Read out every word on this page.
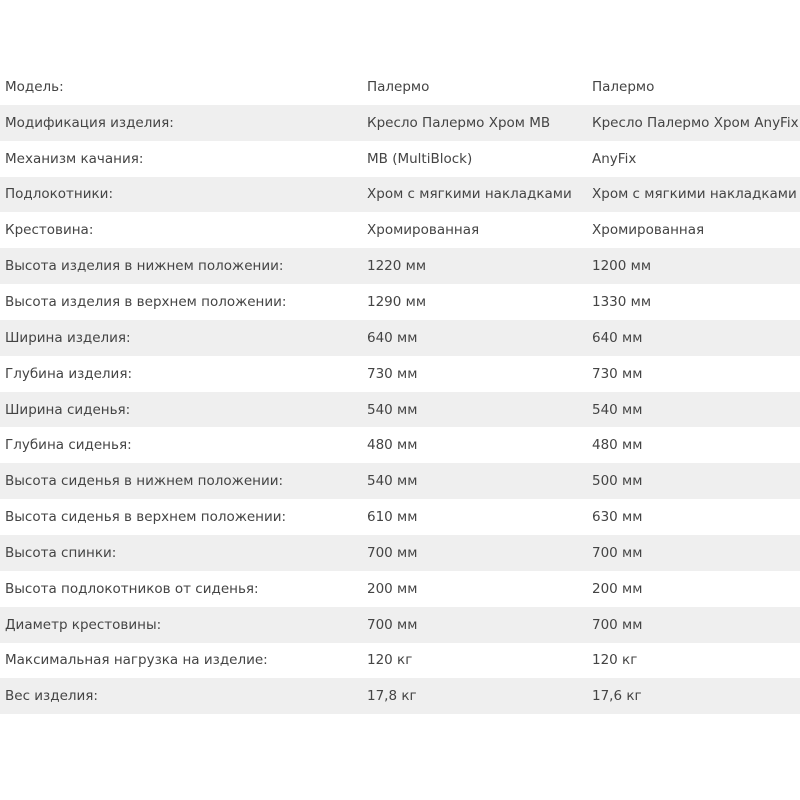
Модель:	Палермо	Палермо
Модификация изделия:	Кресло Палермо Хром MB	Кресло Палермо Хром AnyFix
Механизм качания:	MB (MultiBlock)	AnyFix
Подлокотники:	Хром с мягкими накладками	Хром с мягкими накладками
Крестовина:	Хромированная	Хромированная
Высота изделия в нижнем положении:	1220 мм	1200 мм
Высота изделия в верхнем положении:	1290 мм	1330 мм
Ширина изделия:	640 мм	640 мм
Глубина изделия:	730 мм	730 мм
Ширина сиденья:	540 мм	540 мм
Глубина сиденья:	480 мм	480 мм
Высота сиденья в нижнем положении:	540 мм	500 мм
Высота сиденья в верхнем положении:	610 мм	630 мм
Высота спинки:	700 мм	700 мм
Высота подлокотников от сиденья:	200 мм	200 мм
Диаметр крестовины:	700 мм	700 мм
Максимальная нагрузка на изделие:	120 кг	120 кг
Вес изделия:	17,8 кг	17,6 кг
